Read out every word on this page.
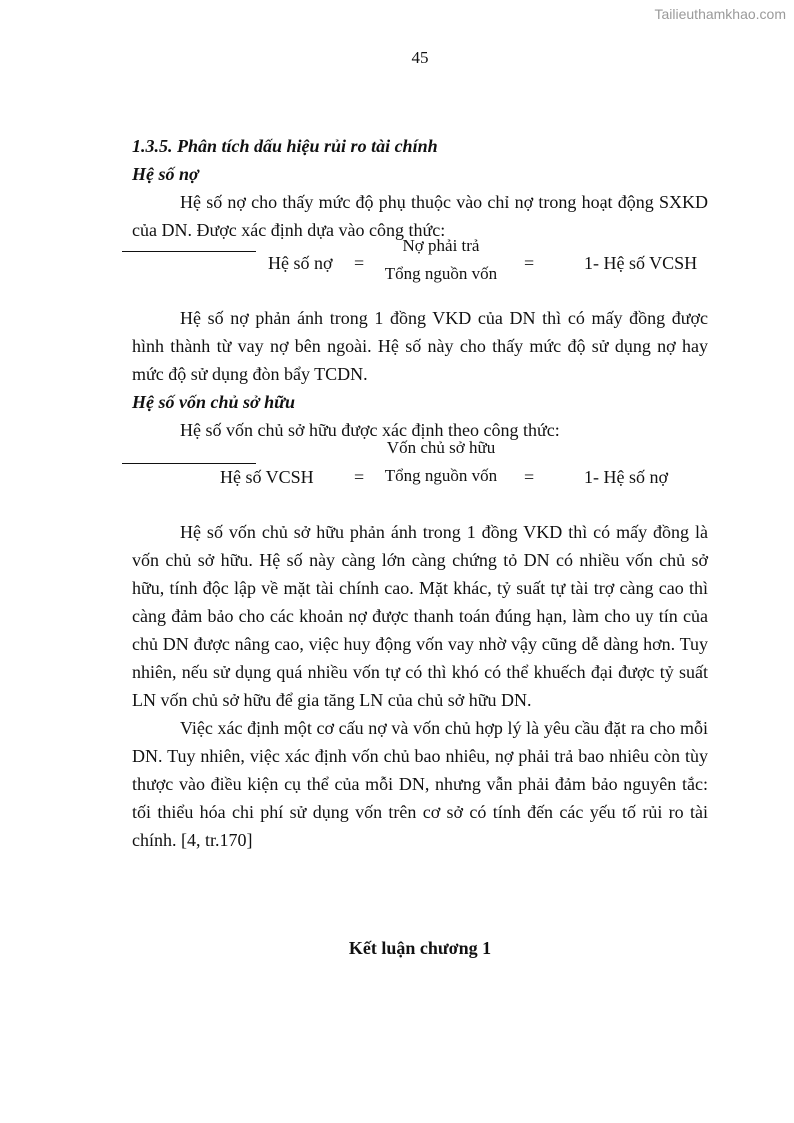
Tailieuthamkhao.com
45
1.3.5. Phân tích dấu hiệu rủi ro tài chính
Hệ số nợ

Hệ số nợ cho thấy mức độ phụ thuộc vào chỉ nợ trong hoạt động SXKD của DN. Được xác định dựa vào công thức:

Hệ số nợ =
Nợ phải trả
Tổng nguồn vốn
=	1- Hệ số VCSH

Hệ số nợ phản ánh trong 1 đồng VKD của DN thì có mấy đồng được hình thành từ vay nợ bên ngoài. Hệ số này cho thấy mức độ sử dụng nợ hay mức độ sử dụng đòn bẩy TCDN.

Hệ số vốn chủ sở hữu

Hệ số vốn chủ sở hữu được xác định theo công thức:

Hệ số VCSH =
Vốn chủ sở hữu
Tổng nguồn vốn	=	1- Hệ số nợ

Hệ số vốn chủ sở hữu phản ánh trong 1 đồng VKD thì có mấy đồng là vốn chủ sở hữu. Hệ số này càng lớn càng chứng tỏ DN có nhiều vốn chủ sở hữu, tính độc lập về mặt tài chính cao. Mặt khác, tỷ suất tự tài trợ càng cao thì càng đảm bảo cho các khoản nợ được thanh toán đúng hạn, làm cho uy tín của chủ DN được nâng cao, việc huy động vốn vay nhờ vậy cũng dễ dàng hơn. Tuy nhiên, nếu sử dụng quá nhiều vốn tự có thì khó có thể khuếch đại được tỷ suất LN vốn chủ sở hữu để gia tăng LN của chủ sở hữu DN.

Việc xác định một cơ cấu nợ và vốn chủ hợp lý là yêu cầu đặt ra cho mỗi DN. Tuy nhiên, việc xác định vốn chủ bao nhiêu, nợ phải trả bao nhiêu còn tùy thược vào điều kiện cụ thể của mỗi DN, nhưng vẫn phải đảm bảo nguyên tắc: tối thiểu hóa chi phí sử dụng vốn trên cơ sở có tính đến các yếu tố rủi ro tài chính. [4, tr.170]

Kết luận chương 1
